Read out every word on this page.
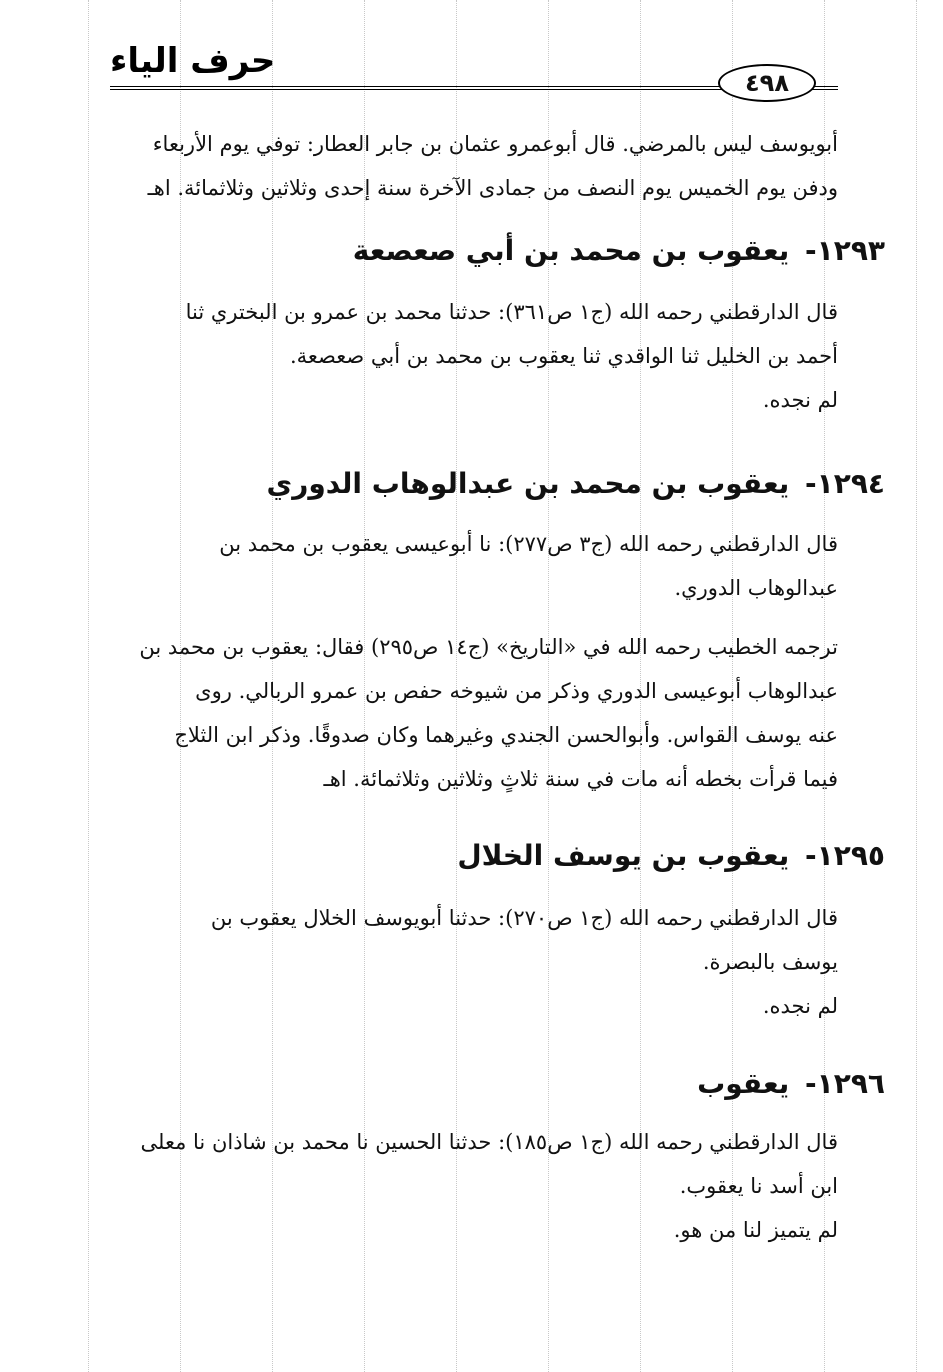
حرف الياء
٤٩٨
أبويوسف ليس بالمرضي. قال أبوعمرو عثمان بن جابر العطار: توفي يوم الأربعاء
ودفن يوم الخميس يوم النصف من جمادى الآخرة سنة إحدى وثلاثين وثلاثمائة. اهـ
١٢٩٣- يعقوب بن محمد بن أبي صعصعة
قال الدارقطني رحمه الله (ج١ ص٣٦١): حدثنا محمد بن عمرو بن البختري ثنا
أحمد بن الخليل ثنا الواقدي ثنا يعقوب بن محمد بن أبي صعصعة.
لم نجده.
١٢٩٤- يعقوب بن محمد بن عبدالوهاب الدوري
قال الدارقطني رحمه الله (ج٣ ص٢٧٧): نا أبوعيسى يعقوب بن محمد بن
عبدالوهاب الدوري.
ترجمه الخطيب رحمه الله في «التاريخ» (ج١٤ ص٢٩٥) فقال: يعقوب بن محمد بن
عبدالوهاب أبوعيسى الدوري وذكر من شيوخه حفص بن عمرو الربالي. روى
عنه يوسف القواس. وأبوالحسن الجندي وغيرهما وكان صدوقًا. وذكر ابن الثلاج
فيما قرأت بخطه أنه مات في سنة ثلاثٍ وثلاثين وثلاثمائة. اهـ
١٢٩٥- يعقوب بن يوسف الخلال
قال الدارقطني رحمه الله (ج١ ص٢٧٠): حدثنا أبويوسف الخلال يعقوب بن
يوسف بالبصرة.
لم نجده.
١٢٩٦- يعقوب
قال الدارقطني رحمه الله (ج١ ص١٨٥): حدثنا الحسين نا محمد بن شاذان نا معلى
ابن أسد نا يعقوب.
لم يتميز لنا من هو.
